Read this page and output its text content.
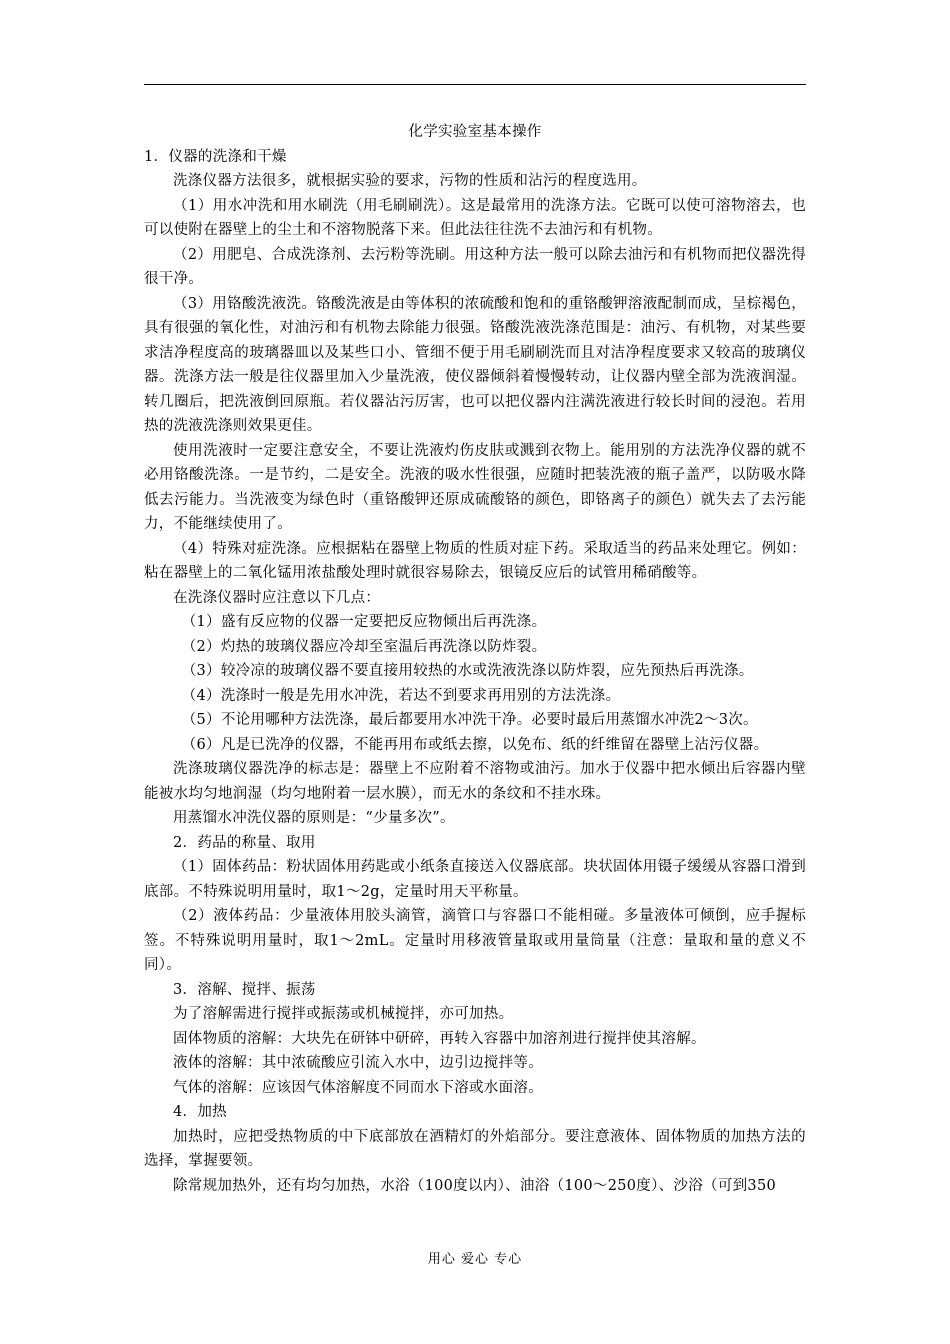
化学实验室基本操作

1．仪器的洗涤和干燥

洗涤仪器方法很多，就根据实验的要求，污物的性质和沾污的程度选用。

（1）用水冲洗和用水刷洗（用毛刷刷洗）。这是最常用的洗涤方法。它既可以使可溶物溶去，也可以使附在器壁上的尘土和不溶物脱落下来。但此法往往洗不去油污和有机物。

（2）用肥皂、合成洗涤剂、去污粉等洗刷。用这种方法一般可以除去油污和有机物而把仪器洗得很干净。

（3）用铬酸洗液洗。铬酸洗液是由等体积的浓硫酸和饱和的重铬酸钾溶液配制而成，呈棕褐色，具有很强的氧化性，对油污和有机物去除能力很强。铬酸洗液洗涤范围是：油污、有机物，对某些要求洁净程度高的玻璃器皿以及某些口小、管细不便于用毛刷刷洗而且对洁净程度要求又较高的玻璃仪器。洗涤方法一般是往仪器里加入少量洗液，使仪器倾斜着慢慢转动，让仪器内壁全部为洗液润湿。转几圈后，把洗液倒回原瓶。若仪器沾污厉害，也可以把仪器内注满洗液进行较长时间的浸泡。若用热的洗液洗涤则效果更佳。

使用洗液时一定要注意安全，不要让洗液灼伤皮肤或溅到衣物上。能用别的方法洗净仪器的就不必用铬酸洗涤。一是节约，二是安全。洗液的吸水性很强，应随时把装洗液的瓶子盖严，以防吸水降低去污能力。当洗液变为绿色时（重铬酸钾还原成硫酸铬的颜色，即铬离子的颜色）就失去了去污能力，不能继续使用了。

（4）特殊对症洗涤。应根据粘在器壁上物质的性质对症下药。采取适当的药品来处理它。例如：粘在器壁上的二氧化锰用浓盐酸处理时就很容易除去，银镜反应后的试管用稀硝酸等。

在洗涤仪器时应注意以下几点：

（1）盛有反应物的仪器一定要把反应物倾出后再洗涤。

（2）灼热的玻璃仪器应冷却至室温后再洗涤以防炸裂。

（3）较冷凉的玻璃仪器不要直接用较热的水或洗液洗涤以防炸裂，应先预热后再洗涤。

（4）洗涤时一般是先用水冲洗，若达不到要求再用别的方法洗涤。

（5）不论用哪种方法洗涤，最后都要用水冲洗干净。必要时最后用蒸馏水冲洗2～3次。

（6）凡是已洗净的仪器，不能再用布或纸去擦，以免布、纸的纤维留在器壁上沾污仪器。

洗涤玻璃仪器洗净的标志是：器壁上不应附着不溶物或油污。加水于仪器中把水倾出后容器内壁能被水均匀地润湿（均匀地附着一层水膜），而无水的条纹和不挂水珠。

用蒸馏水冲洗仪器的原则是：“少量多次”。

2．药品的称量、取用

（1）固体药品：粉状固体用药匙或小纸条直接送入仪器底部。块状固体用镊子缓缓从容器口滑到底部。不特殊说明用量时，取1～2g，定量时用天平称量。

（2）液体药品：少量液体用胶头滴管，滴管口与容器口不能相碰。多量液体可倾倒，应手握标签。不特殊说明用量时，取1～2mL。定量时用移液管量取或用量筒量（注意：量取和量的意义不同）。

3．溶解、搅拌、振荡

为了溶解需进行搅拌或振荡或机械搅拌，亦可加热。

固体物质的溶解：大块先在研钵中研碎，再转入容器中加溶剂进行搅拌使其溶解。

液体的溶解：其中浓硫酸应引流入水中，边引边搅拌等。

气体的溶解：应该因气体溶解度不同而水下溶或水面溶。

4．加热

加热时，应把受热物质的中下底部放在酒精灯的外焰部分。要注意液体、固体物质的加热方法的选择，掌握要领。

除常规加热外，还有均匀加热，水浴（100度以内）、油浴（100～250度）、沙浴（可到350

用心 爱心 专心
